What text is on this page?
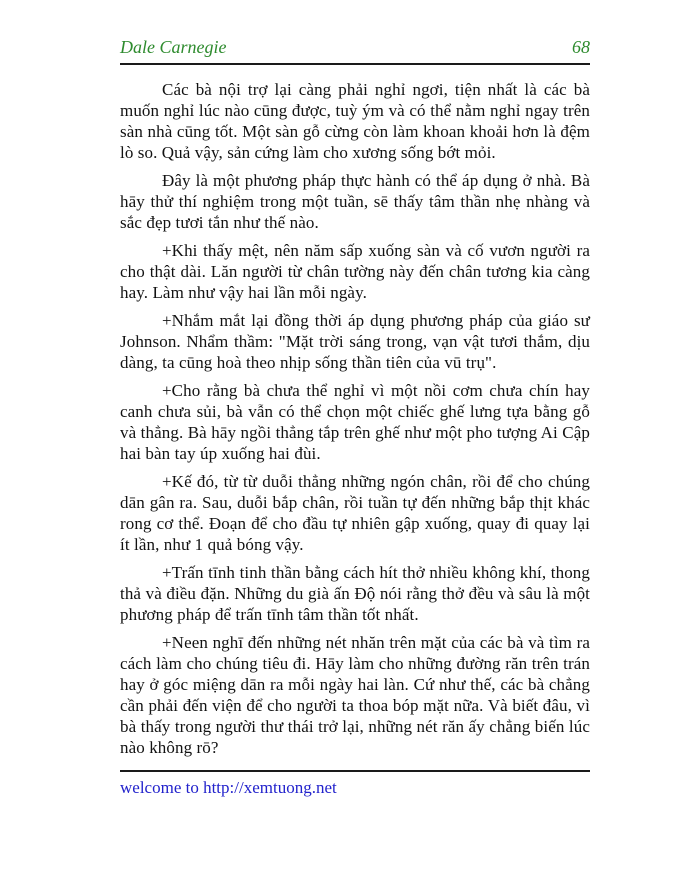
Dale Carnegie	68

Các bà nội trợ lại càng phải nghỉ ngơi, tiện nhất là các bà muốn nghỉ lúc nào cūng được, tuỳ ým và có thể nằm nghỉ ngay trên sàn nhà cūng tốt. Một sàn gỗ cừng còn làm khoan khoải hơn là đệm lò so. Quả vậy, sản cứng làm cho xương sống bớt mỏi.

Đây là một phương pháp thực hành có thể áp dụng ở nhà. Bà hāy thử thí nghiệm trong một tuần, sē thấy tâm thần nhẹ nhàng và sắc đẹp tươi tắn như thế nào.

+Khi thấy mệt, nên năm sấp xuống sàn và cố vươn người ra cho thật dài. Lăn người từ chân tường này đến chân tương kia càng hay. Làm như vậy hai lần mỗi ngày.

+Nhắm mắt lại đồng thời áp dụng phương pháp của giáo sư Johnson. Nhẩm thầm: "Mặt trời sáng trong, vạn vật tươi thắm, dịu dàng, ta cūng hoà theo nhịp sống thần tiên của vū trụ".

+Cho rằng bà chưa thể nghỉ vì một nồi cơm chưa chín hay canh chưa sủi, bà vẫn có thể chọn một chiếc ghế lưng tựa bằng gỗ và thẳng. Bà hāy ngồi thẳng tắp trên ghế như một pho tượng Ai Cập hai bàn tay úp xuống hai đùi.

+Kế đó, từ từ duỗi thẳng những ngón chân, rồi để cho chúng dān gân ra. Sau, duỗi bắp chân, rồi tuần tự đến những bắp thịt khác rong cơ thể. Đoạn để cho đầu tự nhiên gập xuống, quay đi quay lại ít lần, như 1 quả bóng vậy.

+Trấn tīnh tinh thần bằng cách hít thở nhiều không khí, thong thả và điều đặn. Những du già ấn Độ nói rằng thở đều và sâu là một phương pháp để trấn tīnh tâm thần tốt nhất.

+Neen nghī đến những nét nhăn trên mặt của các bà và tìm ra cách làm cho chúng tiêu đi. Hāy làm cho những đường răn trên trán hay ở góc miệng dān ra mỗi ngày hai làn. Cứ như thế, các bà chẳng cần phải đến viện để cho người ta thoa bóp mặt nữa. Và biết đâu, vì bà thấy trong người thư thái trở lại, những nét răn ấy chẳng biến lúc nào không rō?

welcome to http://xemtuong.net
